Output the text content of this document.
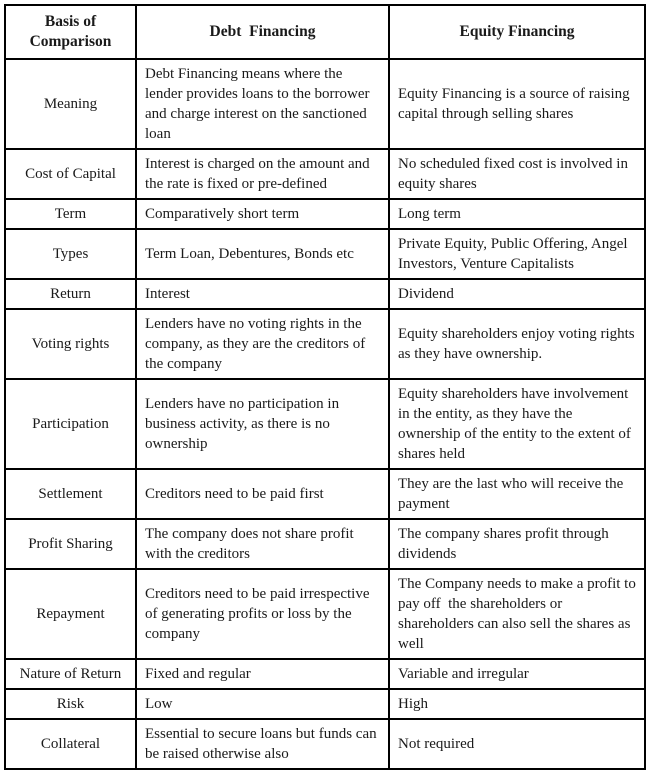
Basis of Comparison	Debt  Financing	Equity Financing
Meaning	Debt Financing means where the lender provides loans to the borrower and charge interest on the sanctioned loan	Equity Financing is a source of raising capital through selling shares
Cost of Capital	Interest is charged on the amount and the rate is fixed or pre-defined	No scheduled fixed cost is involved in equity shares
Term	Comparatively short term	Long term
Types	Term Loan, Debentures, Bonds etc	Private Equity, Public Offering, Angel Investors, Venture Capitalists
Return	Interest	Dividend
Voting rights	Lenders have no voting rights in the company, as they are the creditors of the company	Equity shareholders enjoy voting rights as they have ownership.
Participation	Lenders have no participation in business activity, as there is no ownership	Equity shareholders have involvement in the entity, as they have the ownership of the entity to the extent of shares held
Settlement	Creditors need to be paid first	They are the last who will receive the payment
Profit Sharing	The company does not share profit with the creditors	The company shares profit through dividends
Repayment	Creditors need to be paid irrespective of generating profits or loss by the company	The Company needs to make a profit to pay off  the shareholders or shareholders can also sell the shares as well
Nature of Return	Fixed and regular	Variable and irregular
Risk	Low	High
Collateral	Essential to secure loans but funds can be raised otherwise also	Not required
